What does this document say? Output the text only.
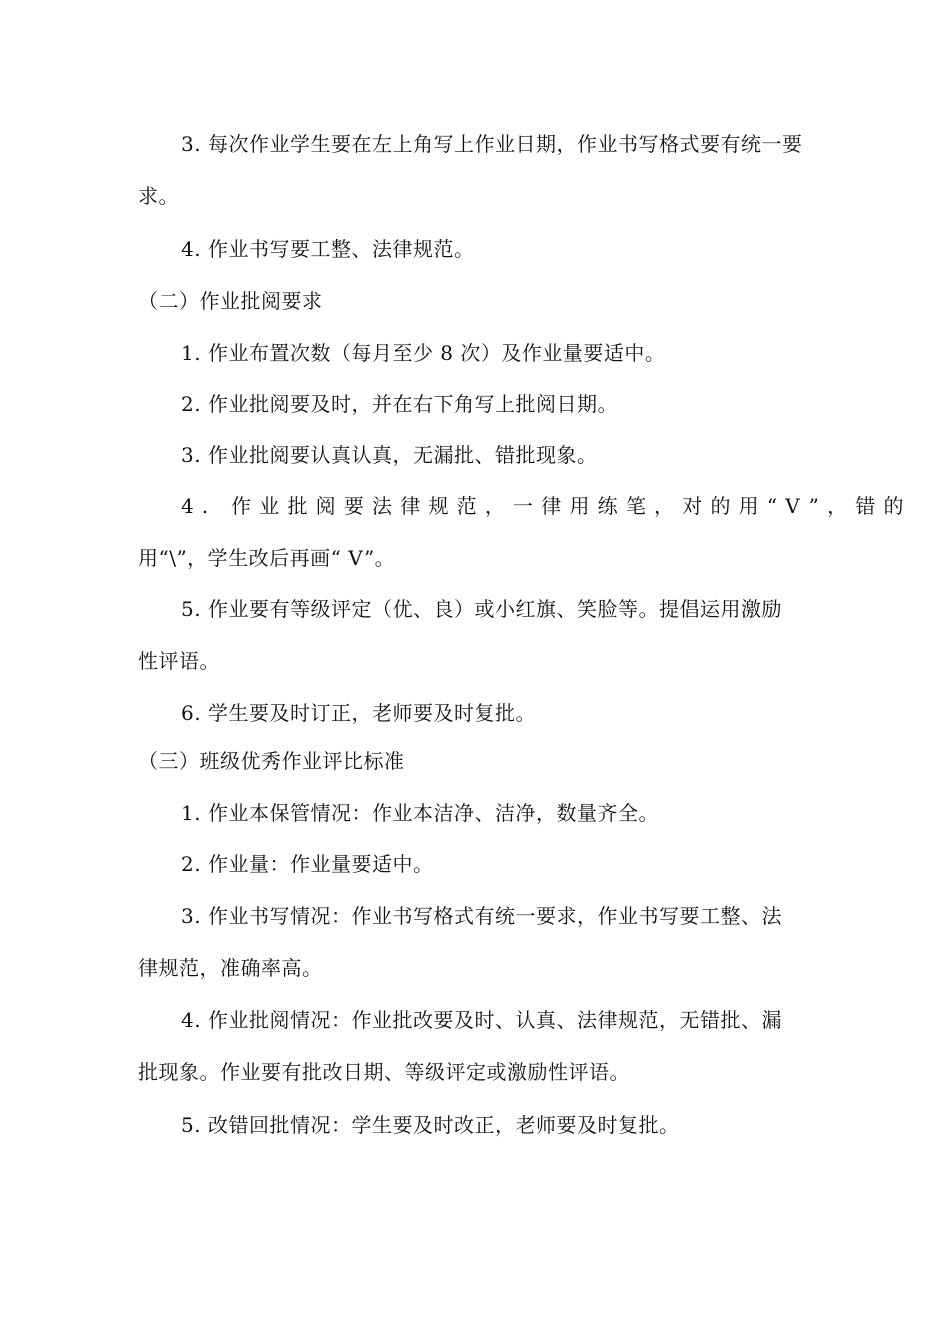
3. 每次作业学生要在左上角写上作业日期，作业书写格式要有统一要
求。
4. 作业书写要工整、法律规范。
（二）作业批阅要求
1. 作业布置次数（每月至少 8 次）及作业量要适中。
2. 作业批阅要及时，并在右下角写上批阅日期。
3. 作业批阅要认真认真，无漏批、错批现象。
4. 作业批阅要法律规范，一律用练笔，对的用“V”，错的
用“\”，学生改后再画“ V”。
5. 作业要有等级评定（优、良）或小红旗、笑脸等。提倡运用激励
性评语。
6. 学生要及时订正，老师要及时复批。
（三）班级优秀作业评比标准
1. 作业本保管情况：作业本洁净、洁净，数量齐全。
2. 作业量：作业量要适中。
3. 作业书写情况：作业书写格式有统一要求，作业书写要工整、法
律规范，准确率高。
4. 作业批阅情况：作业批改要及时、认真、法律规范，无错批、漏
批现象。作业要有批改日期、等级评定或激励性评语。
5. 改错回批情况：学生要及时改正，老师要及时复批。
